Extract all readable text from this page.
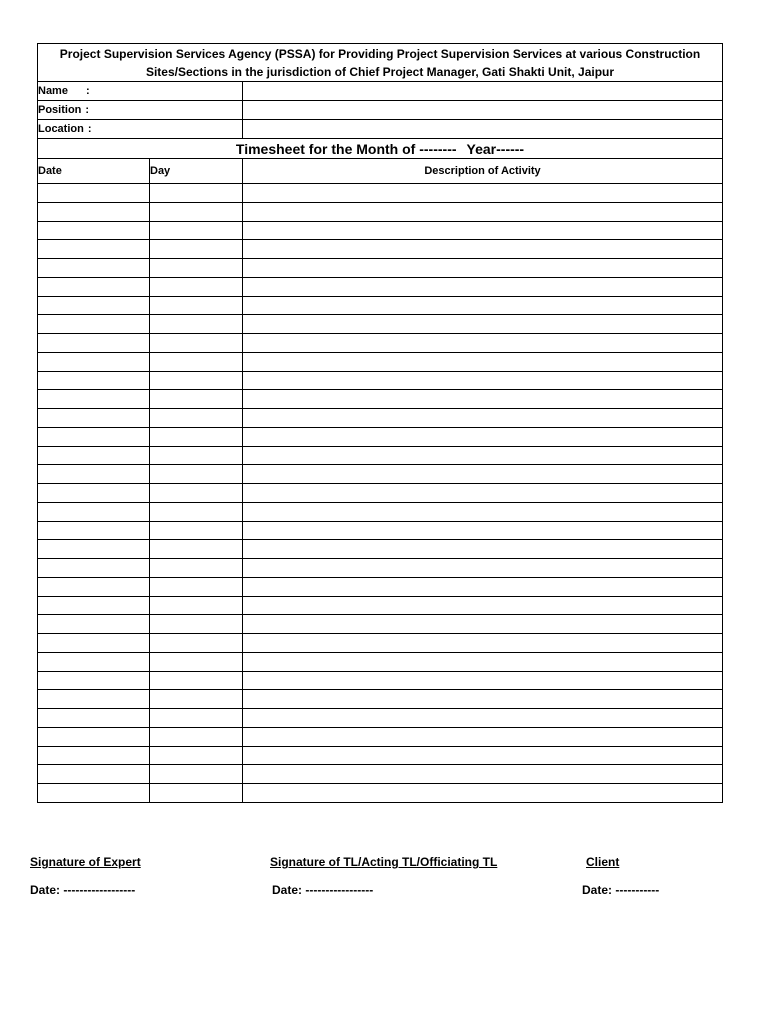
Project Supervision Services Agency (PSSA) for Providing Project Supervision Services at various Construction
Sites/Sections in the jurisdiction of Chief Project Manager, Gati Shakti Unit, Jaipur		
Name :		
Position :		
Location :		
Timesheet for the Month of -------- Year------		
Date	Day	Description of Activity

Signature of Expert
Date: ------------------
Signature of TL/Acting TL/Officiating TL
Date: -----------------
Client
Date: -----------
